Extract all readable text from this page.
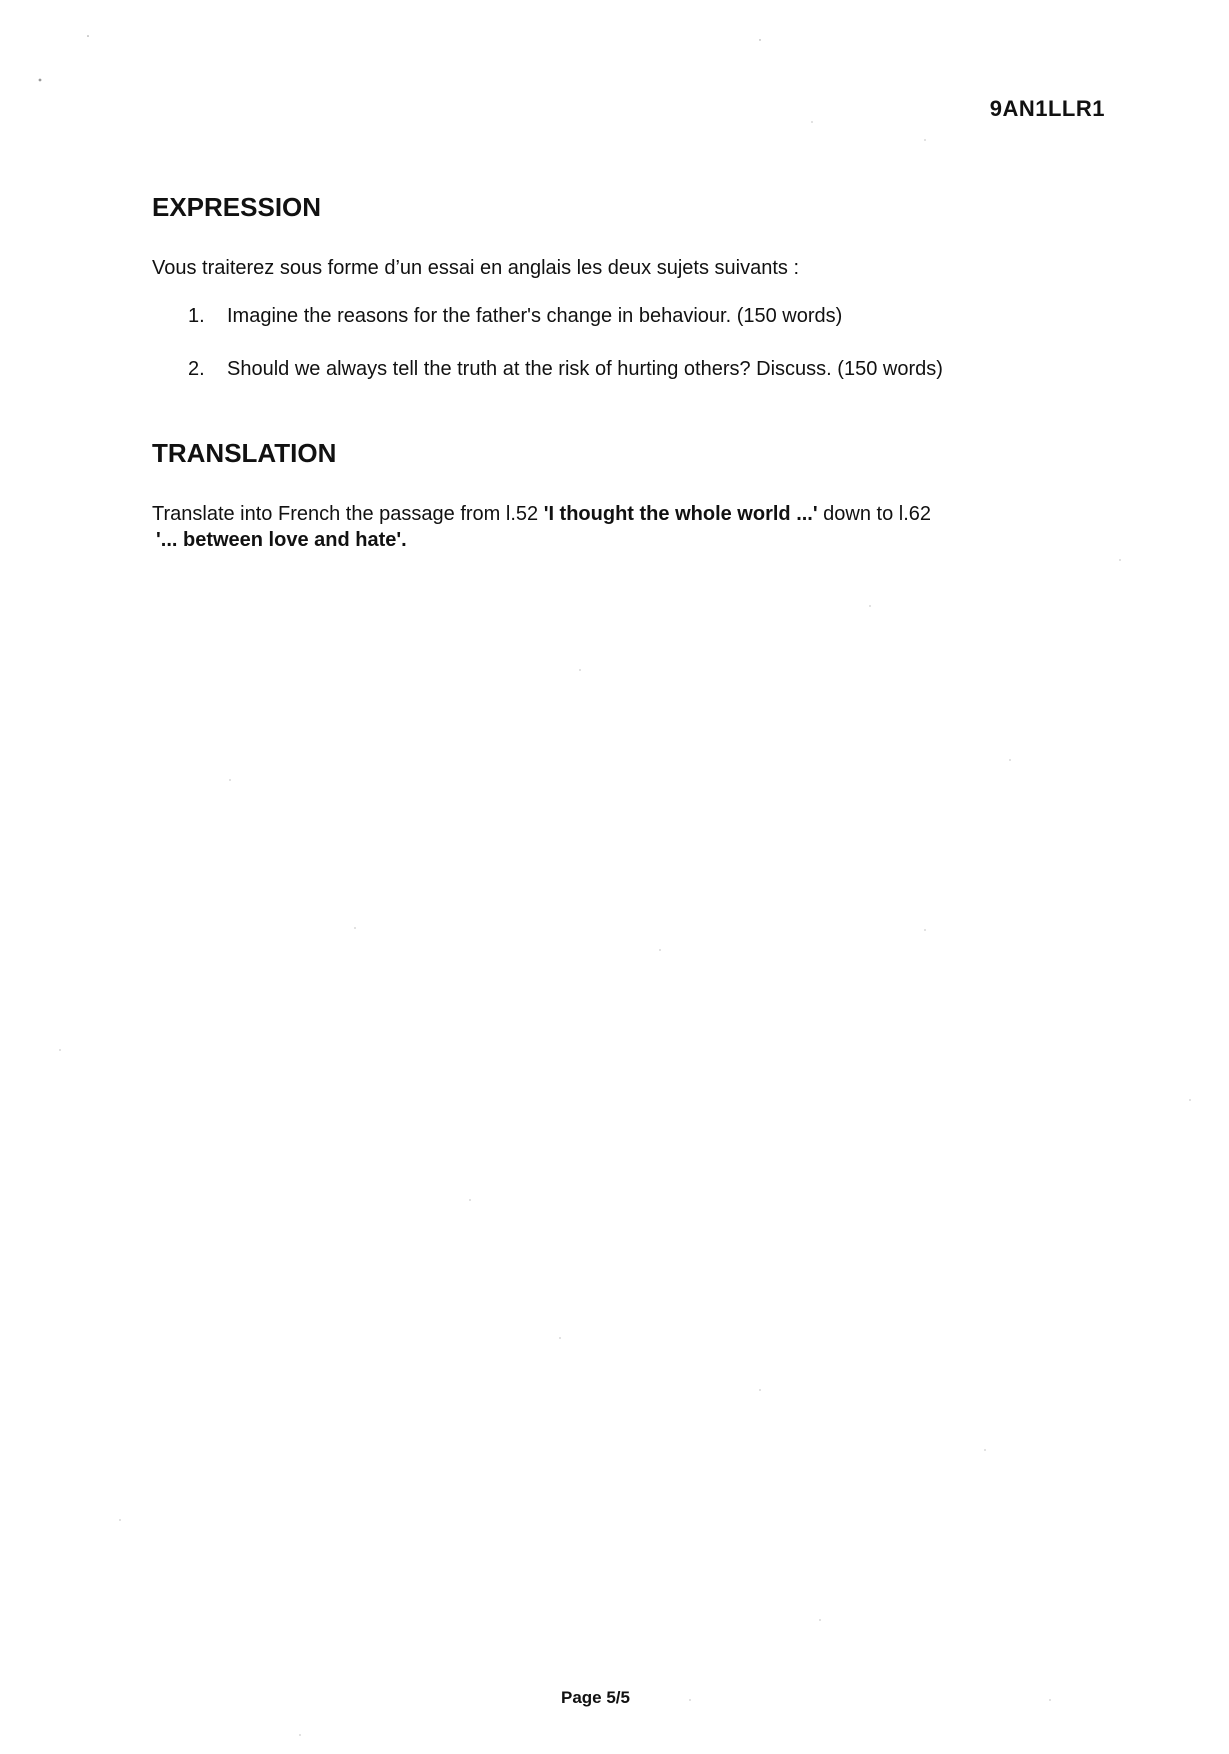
9AN1LLR1
EXPRESSION

Vous traiterez sous forme d’un essai en anglais les deux sujets suivants :

1.	Imagine the reasons for the father's change in behaviour. (150 words)
2.	Should we always tell the truth at the risk of hurting others? Discuss. (150 words)
TRANSLATION

Translate into French the passage from l.52 'I thought the whole world ...' down to l.62
'... between love and hate'.

Page 5/5
